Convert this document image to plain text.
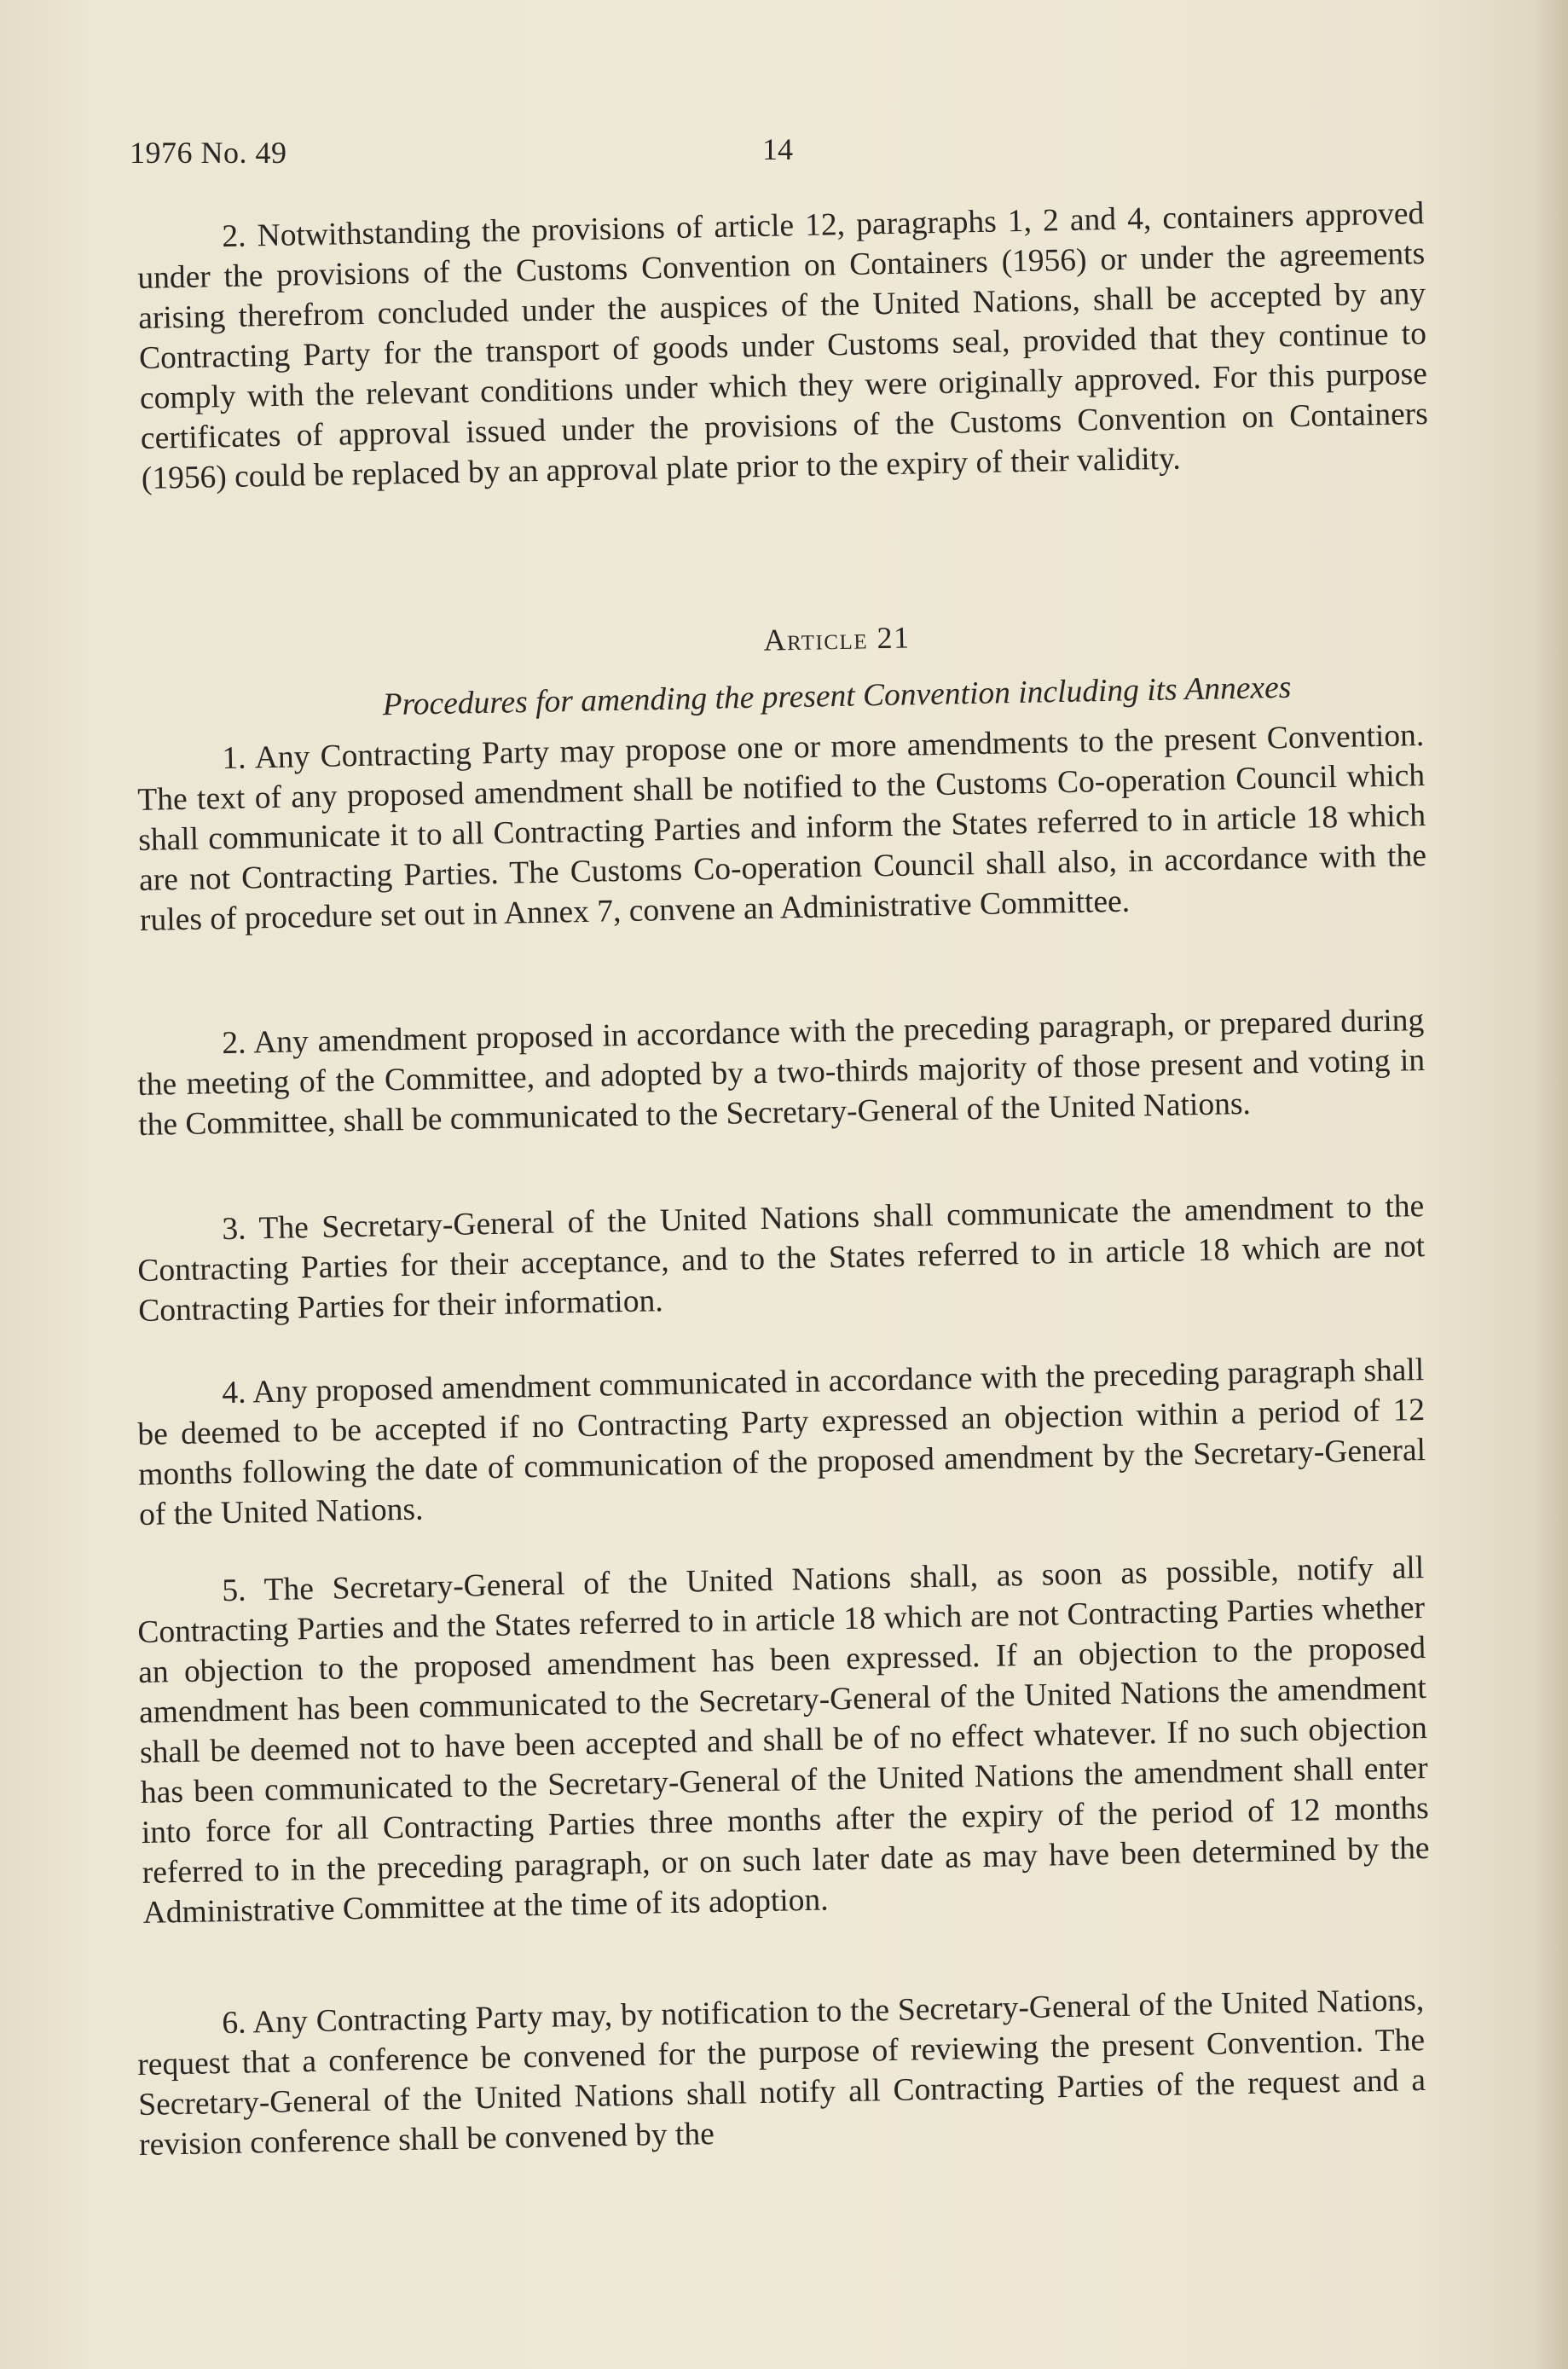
1976 No. 49	14

2. Notwithstanding the provisions of article 12, paragraphs 1, 2 and 4, containers approved under the provisions of the Customs Convention on Containers (1956) or under the agreements arising therefrom concluded under the auspices of the United Nations, shall be accepted by any Contracting Party for the transport of goods under Customs seal, provided that they continue to comply with the relevant conditions under which they were originally approved. For this purpose certificates of approval issued under the provisions of the Customs Convention on Containers (1956) could be replaced by an approval plate prior to the expiry of their validity.

Article 21
Procedures for amending the present Convention including its Annexes

1. Any Contracting Party may propose one or more amendments to the present Convention. The text of any proposed amendment shall be notified to the Customs Co-operation Council which shall communicate it to all Contracting Parties and inform the States referred to in article 18 which are not Contracting Parties. The Customs Co-operation Council shall also, in accordance with the rules of procedure set out in Annex 7, convene an Administrative Committee.

2. Any amendment proposed in accordance with the preceding paragraph, or prepared during the meeting of the Committee, and adopted by a two-thirds majority of those present and voting in the Committee, shall be communicated to the Secretary-General of the United Nations.

3. The Secretary-General of the United Nations shall communicate the amendment to the Contracting Parties for their acceptance, and to the States referred to in article 18 which are not Contracting Parties for their information.

4. Any proposed amendment communicated in accordance with the preceding paragraph shall be deemed to be accepted if no Contracting Party expressed an objection within a period of 12 months following the date of communication of the proposed amendment by the Secretary-General of the United Nations.

5. The Secretary-General of the United Nations shall, as soon as possible, notify all Contracting Parties and the States referred to in article 18 which are not Contracting Parties whether an objection to the proposed amendment has been expressed. If an objection to the proposed amendment has been communicated to the Secretary-General of the United Nations the amendment shall be deemed not to have been accepted and shall be of no effect whatever. If no such objection has been communicated to the Secretary-General of the United Nations the amendment shall enter into force for all Contracting Parties three months after the expiry of the period of 12 months referred to in the preceding paragraph, or on such later date as may have been determined by the Administrative Committee at the time of its adoption.

6. Any Contracting Party may, by notification to the Secretary-General of the United Nations, request that a conference be convened for the purpose of reviewing the present Convention. The Secretary-General of the United Nations shall notify all Contracting Parties of the request and a revision conference shall be convened by the
